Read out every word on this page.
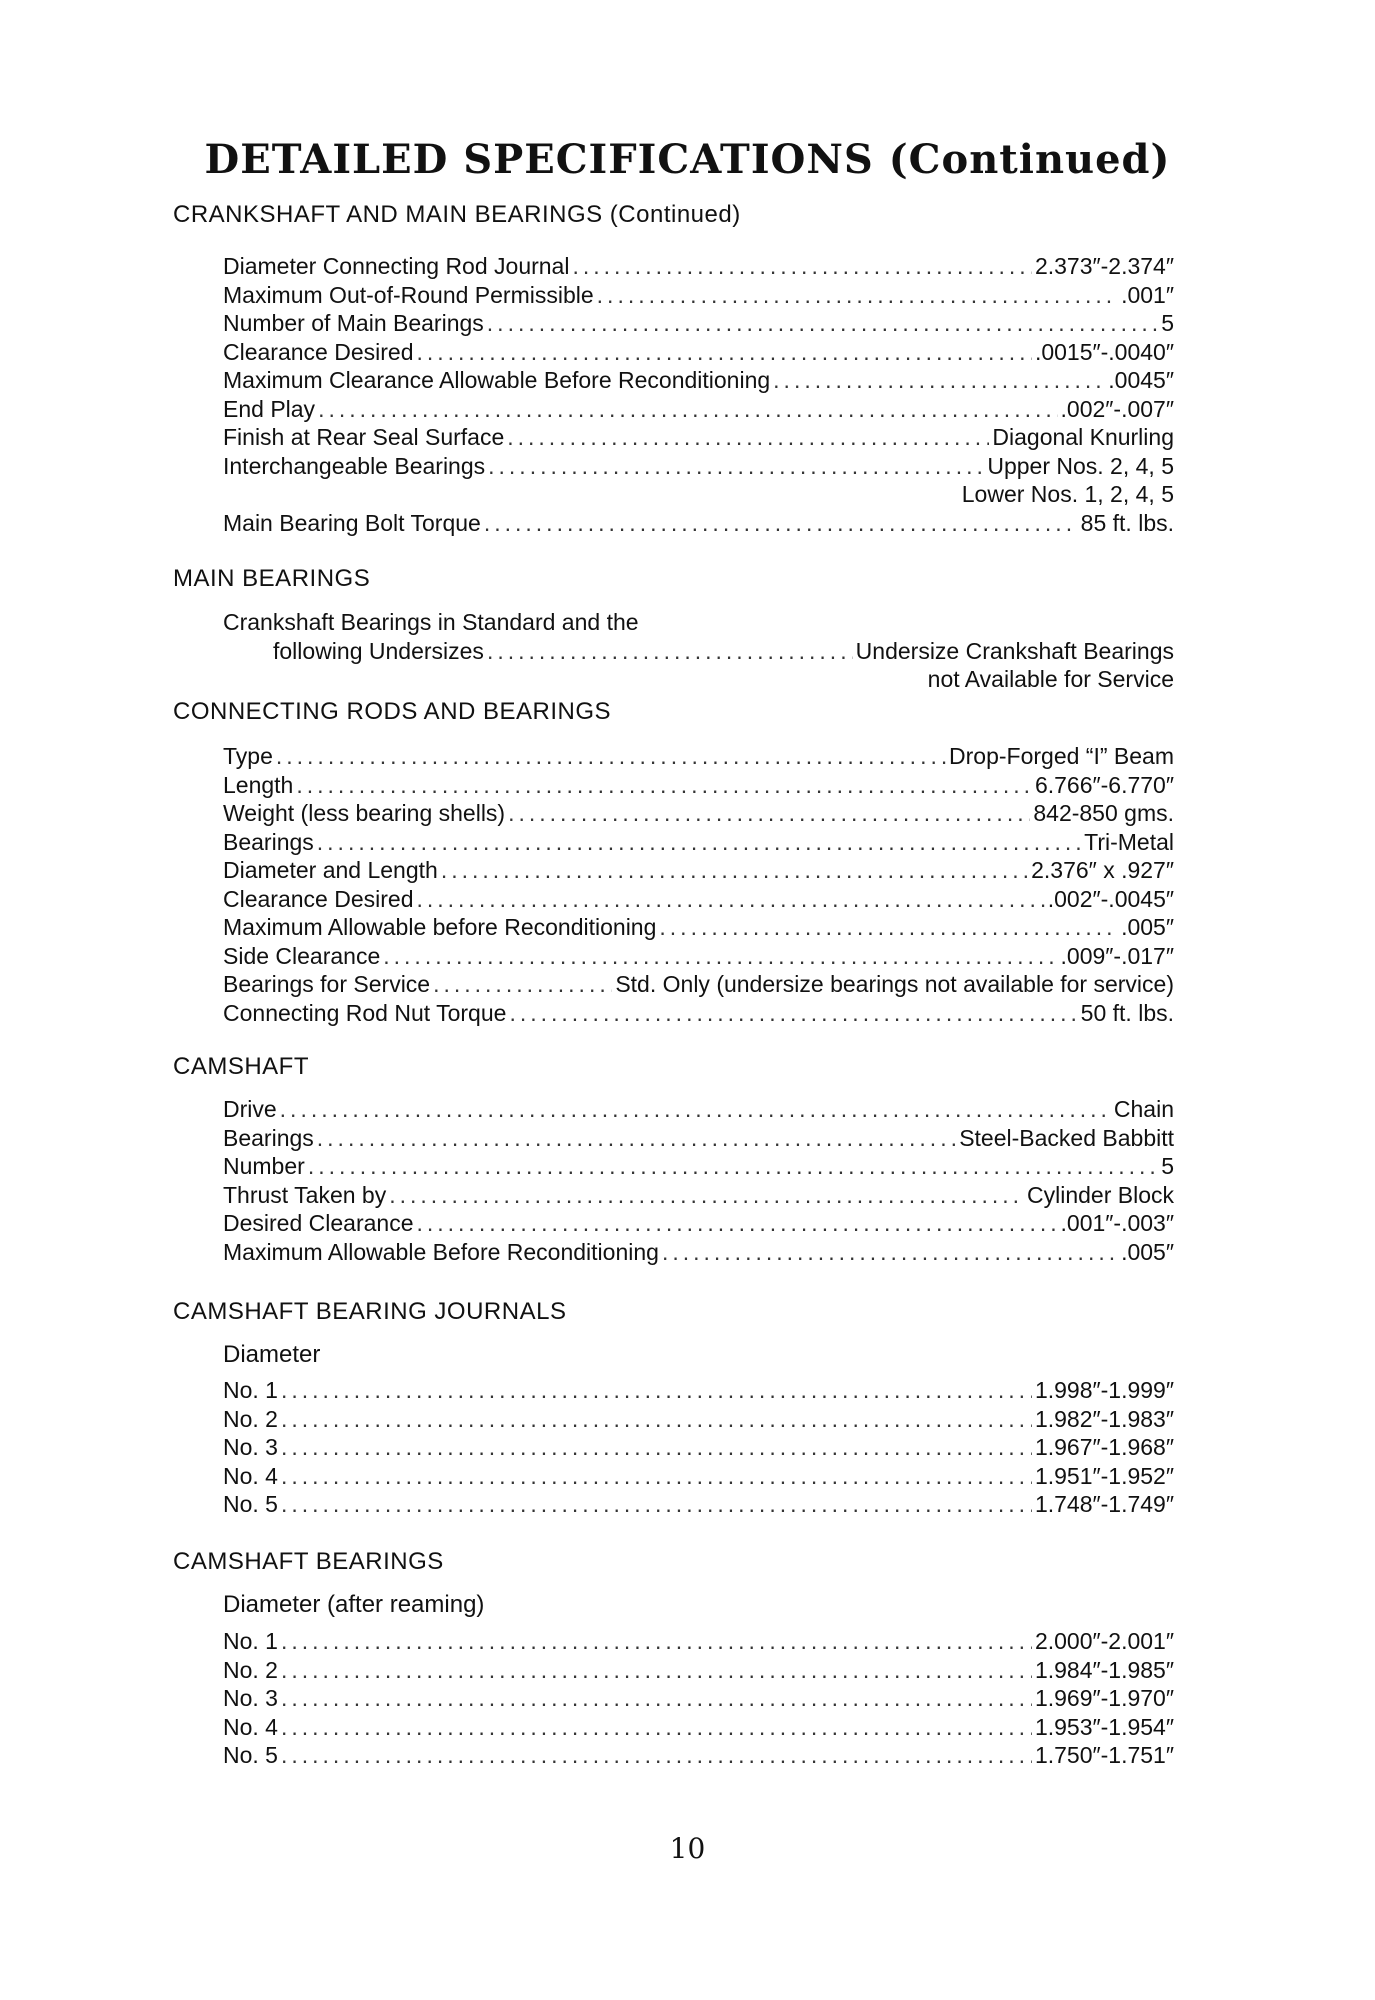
DETAILED SPECIFICATIONS (Continued)
CRANKSHAFT AND MAIN BEARINGS (Continued)
Diameter Connecting Rod Journal .....	2.373″-2.374″
Maximum Out-of-Round Permissible .....	.001″
Number of Main Bearings .....	5
Clearance Desired .....	.0015″-.0040″
Maximum Clearance Allowable Before Reconditioning .....	.0045″
End Play .....	.002″-.007″
Finish at Rear Seal Surface .....	Diagonal Knurling
Interchangeable Bearings .....	Upper Nos. 2, 4, 5
Lower Nos. 1, 2, 4, 5
Main Bearing Bolt Torque .....	85 ft. lbs.
MAIN BEARINGS
Crankshaft Bearings in Standard and the
following Undersizes .....	Undersize Crankshaft Bearings
not Available for Service
CONNECTING RODS AND BEARINGS
Type .....	Drop-Forged “I” Beam
Length .....	6.766″-6.770″
Weight (less bearing shells) .....	842-850 gms.
Bearings .....	Tri-Metal
Diameter and Length .....	2.376″ x .927″
Clearance Desired .....	.002″-.0045″
Maximum Allowable before Reconditioning .....	.005″
Side Clearance .....	.009″-.017″
Bearings for Service .....	Std. Only (undersize bearings not available for service)
Connecting Rod Nut Torque .....	50 ft. lbs.
CAMSHAFT
Drive .....	Chain
Bearings .....	Steel-Backed Babbitt
Number .....	5
Thrust Taken by .....	Cylinder Block
Desired Clearance .....	.001″-.003″
Maximum Allowable Before Reconditioning .....	.005″
CAMSHAFT BEARING JOURNALS
Diameter
No. 1 .....	1.998″-1.999″
No. 2 .....	1.982″-1.983″
No. 3 .....	1.967″-1.968″
No. 4 .....	1.951″-1.952″
No. 5 .....	1.748″-1.749″
CAMSHAFT BEARINGS
Diameter (after reaming)
No. 1 .....	2.000″-2.001″
No. 2 .....	1.984″-1.985″
No. 3 .....	1.969″-1.970″
No. 4 .....	1.953″-1.954″
No. 5 .....	1.750″-1.751″
10
